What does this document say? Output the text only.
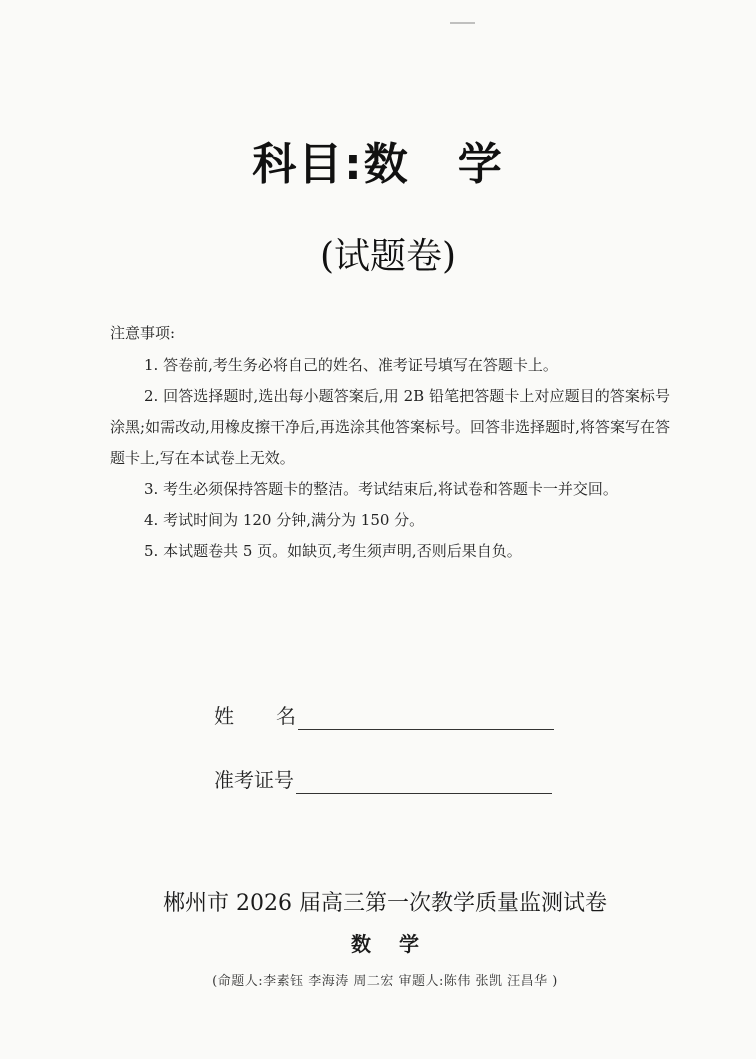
科目:数 学
(试题卷)
注意事项:
1. 答卷前,考生务必将自己的姓名、准考证号填写在答题卡上。
2. 回答选择题时,选出每小题答案后,用 2B 铅笔把答题卡上对应题目的答案标号涂黑;如需改动,用橡皮擦干净后,再选涂其他答案标号。回答非选择题时,将答案写在答题卡上,写在本试卷上无效。
3. 考生必须保持答题卡的整洁。考试结束后,将试卷和答题卡一并交回。
4. 考试时间为 120 分钟,满分为 150 分。
5. 本试题卷共 5 页。如缺页,考生须声明,否则后果自负。
姓 名
准考证号
郴州市 2026 届高三第一次教学质量监测试卷
数 学
(命题人:李素钰 李海涛 周二宏 审题人:陈伟 张凯 汪昌华 )
